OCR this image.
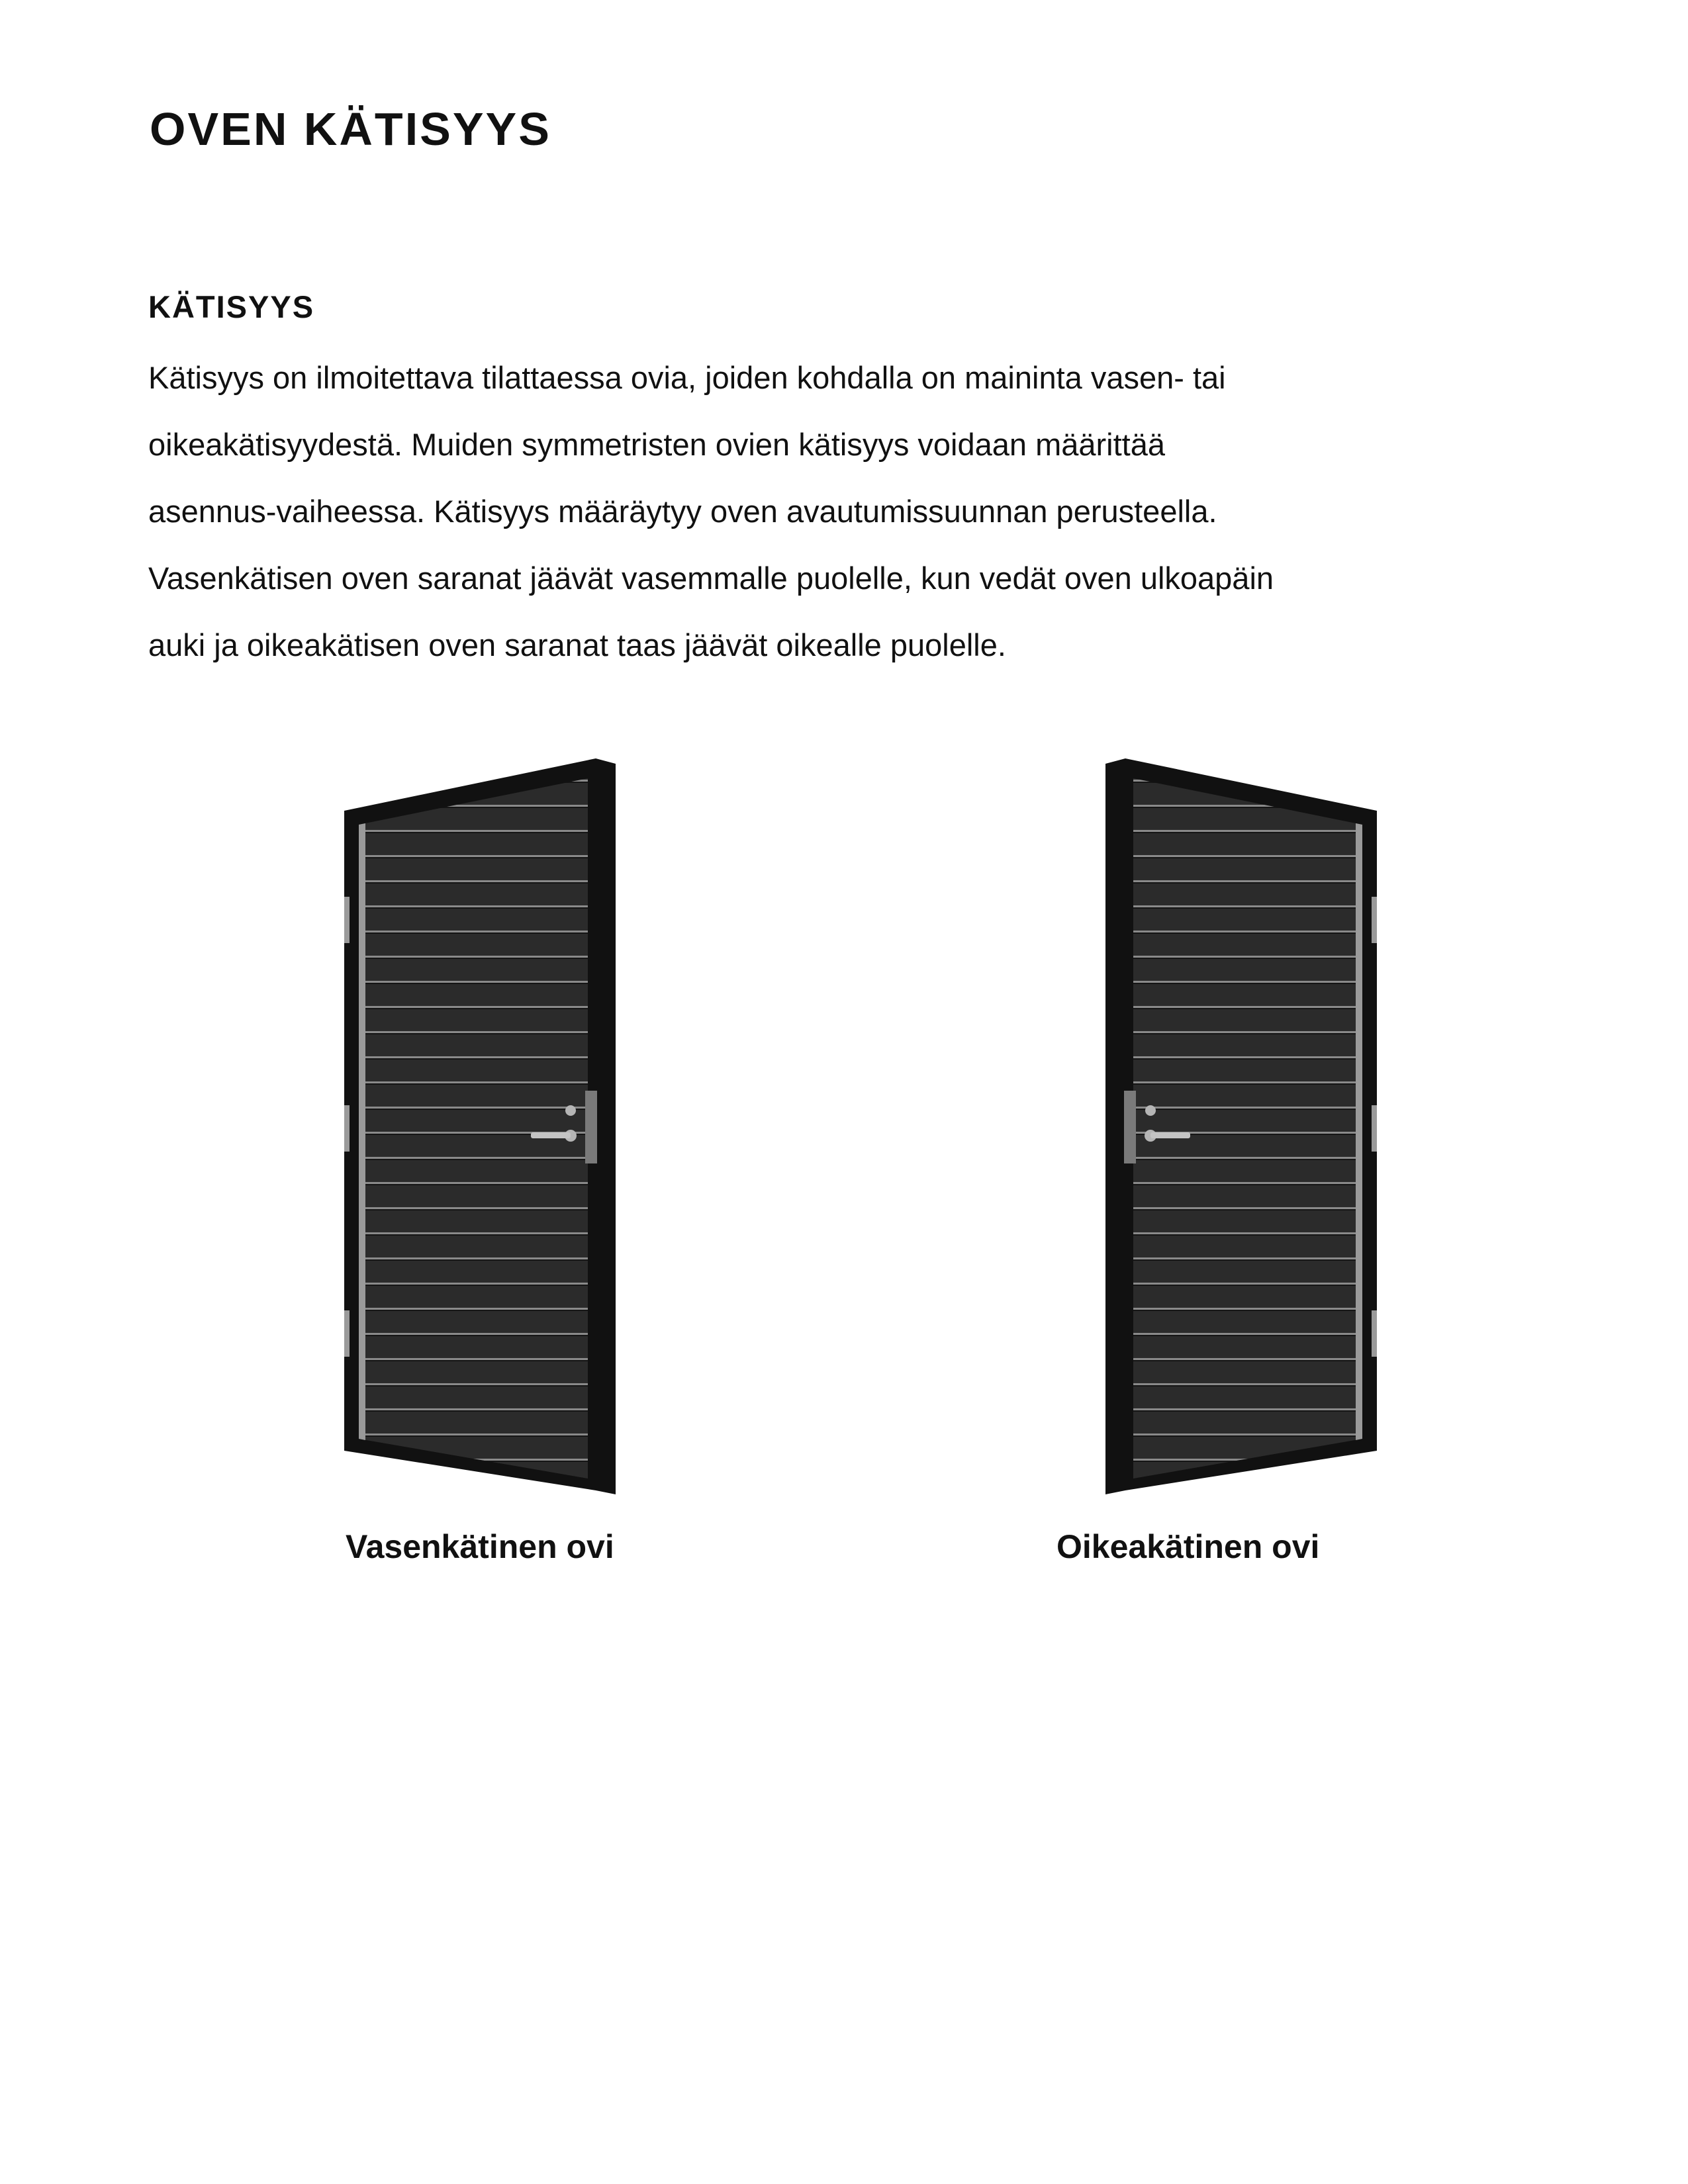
OVEN KÄTISYYS
KÄTISYYS
Kätisyys on ilmoitettava tilattaessa ovia, joiden kohdalla on maininta vasen- tai
oikeakätisyydestä. Muiden symmetristen ovien kätisyys voidaan määrittää
asennus-vaiheessa. Kätisyys määräytyy oven avautumissuunnan perusteella.
Vasenkätisen oven saranat jäävät vasemmalle puolelle, kun vedät oven ulkoapäin
auki ja oikeakätisen oven saranat taas jäävät oikealle puolelle.

Vasenkätinen ovi	Oikeakätinen ovi
